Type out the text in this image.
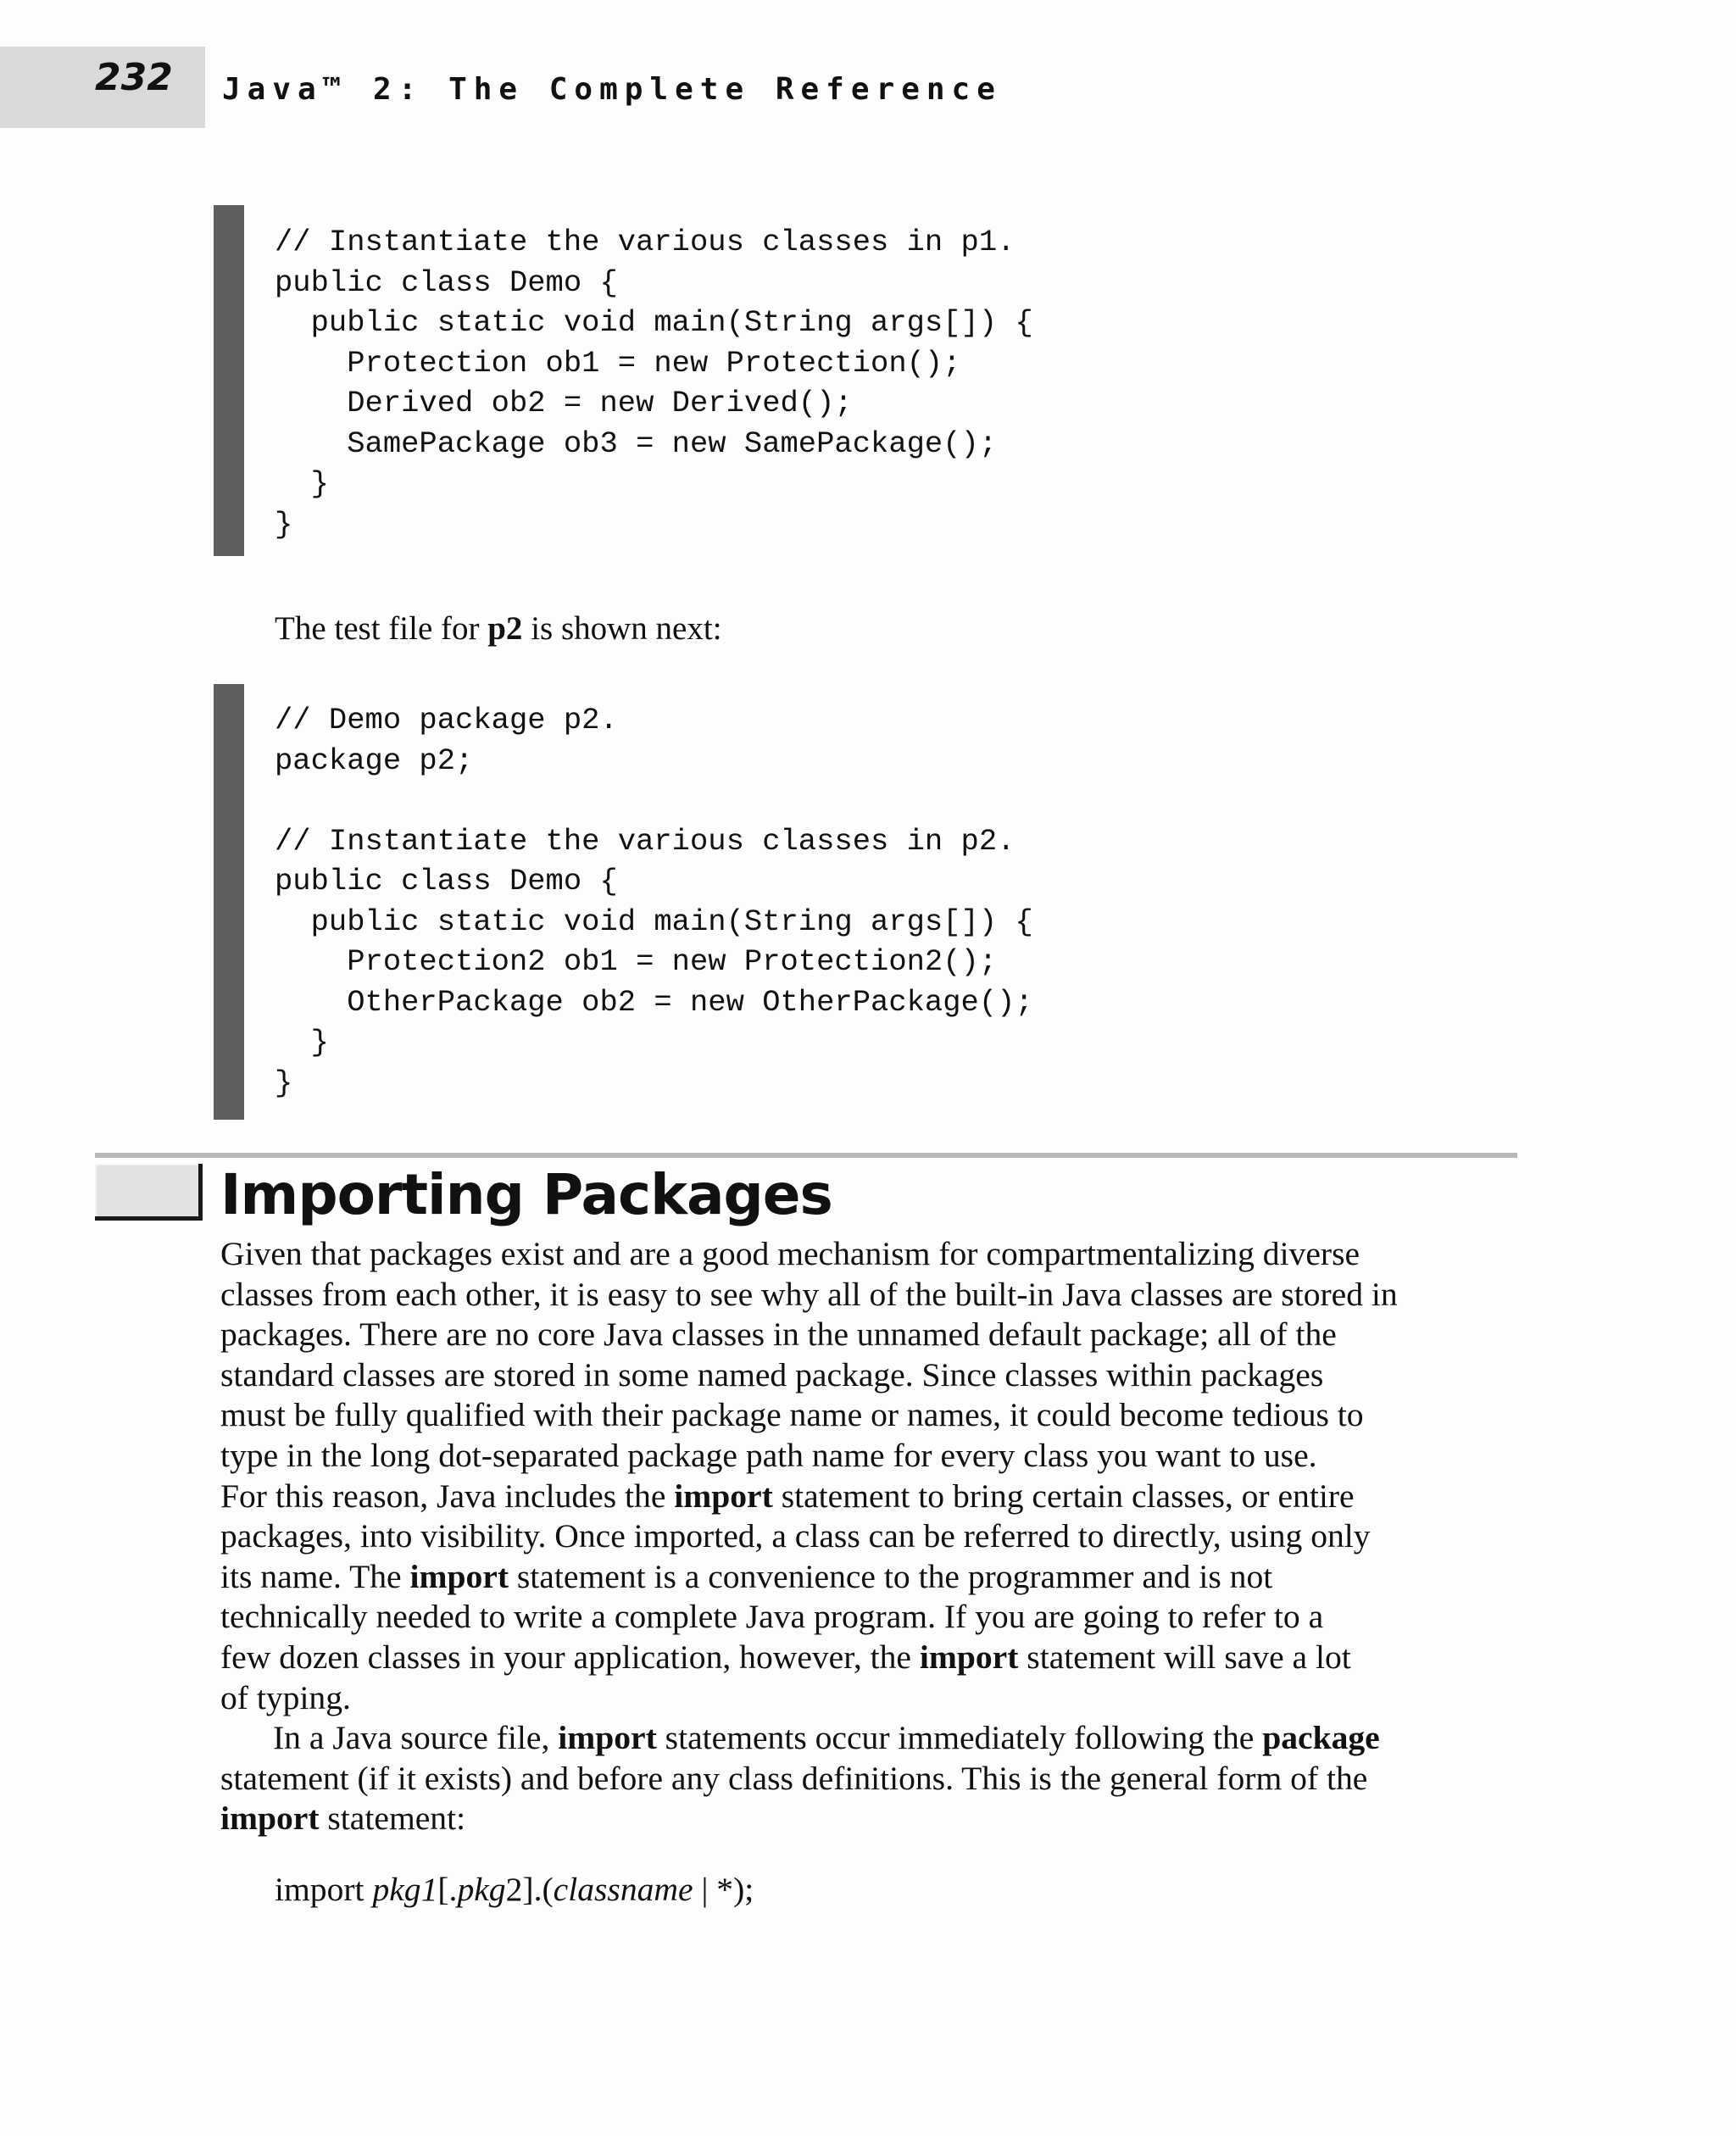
232 Java™ 2: The Complete Reference
// Instantiate the various classes in p1.
public class Demo {
public static void main(String args[]) {
Protection ob1 = new Protection();
Derived ob2 = new Derived();
SamePackage ob3 = new SamePackage();
}
}

The test file for p2 is shown next:

// Demo package p2.
package p2;
// Instantiate the various classes in p2.
public class Demo {
public static void main(String args[]) {
Protection2 ob1 = new Protection2();
OtherPackage ob2 = new OtherPackage();
}
}
Importing Packages
Given that packages exist and are a good mechanism for compartmentalizing diverse
classes from each other, it is easy to see why all of the built-in Java classes are stored in
packages. There are no core Java classes in the unnamed default package; all of the
standard classes are stored in some named package. Since classes within packages
must be fully qualified with their package name or names, it could become tedious to
type in the long dot-separated package path name for every class you want to use.
For this reason, Java includes the import statement to bring certain classes, or entire
packages, into visibility. Once imported, a class can be referred to directly, using only
its name. The import statement is a convenience to the programmer and is not
technically needed to write a complete Java program. If you are going to refer to a
few dozen classes in your application, however, the import statement will save a lot
of typing.
In a Java source file, import statements occur immediately following the package
statement (if it exists) and before any class definitions. This is the general form of the
import statement:
import pkg1[.pkg2].(classname | *);
